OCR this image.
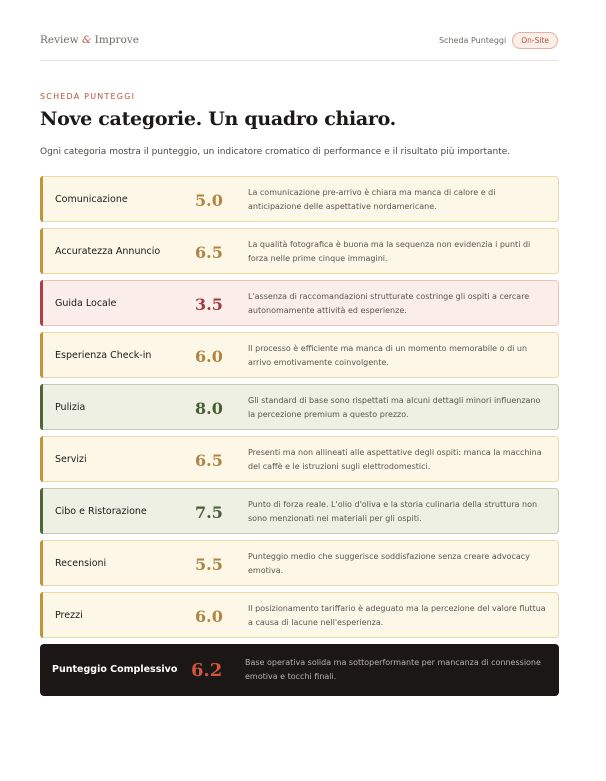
Review & Improve	Scheda Punteggi	On-Site
SCHEDA PUNTEGGI
Nove categorie. Un quadro chiaro.
Ogni categoria mostra il punteggio, un indicatore cromatico di performance e il risultato più importante.
Comunicazione	5.0	La comunicazione pre-arrivo è chiara ma manca di calore e di anticipazione delle aspettative nordamericane.
Accuratezza Annuncio 6.5	La qualità fotografica è buona ma la sequenza non evidenzia i punti di forza nelle prime cinque immagini.
Guida Locale	3.5	L'assenza di raccomandazioni strutturate costringe gli ospiti a cercare autonomamente attività ed esperienze.
Esperienza Check-in	6.0	Il processo è efficiente ma manca di un momento memorabile o di un arrivo emotivamente coinvolgente.
Pulizia	8.0	Gli standard di base sono rispettati ma alcuni dettagli minori influenzano la percezione premium a questo prezzo.
Servizi	6.5	Presenti ma non allineati alle aspettative degli ospiti: manca la macchina del caffè e le istruzioni sugli elettrodomestici.
Cibo e Ristorazione	7.5	Punto di forza reale. L'olio d'oliva e la storia culinaria della struttura non sono menzionati nei materiali per gli ospiti.
Recensioni	5.5	Punteggio medio che suggerisce soddisfazione senza creare advocacy emotiva.
Prezzi	6.0	Il posizionamento tariffario è adeguato ma la percezione del valore fluttua a causa di lacune nell'esperienza.
Punteggio Complessivo 6.2	Base operativa solida ma sottoperformante per mancanza di connessione emotiva e tocchi finali.
